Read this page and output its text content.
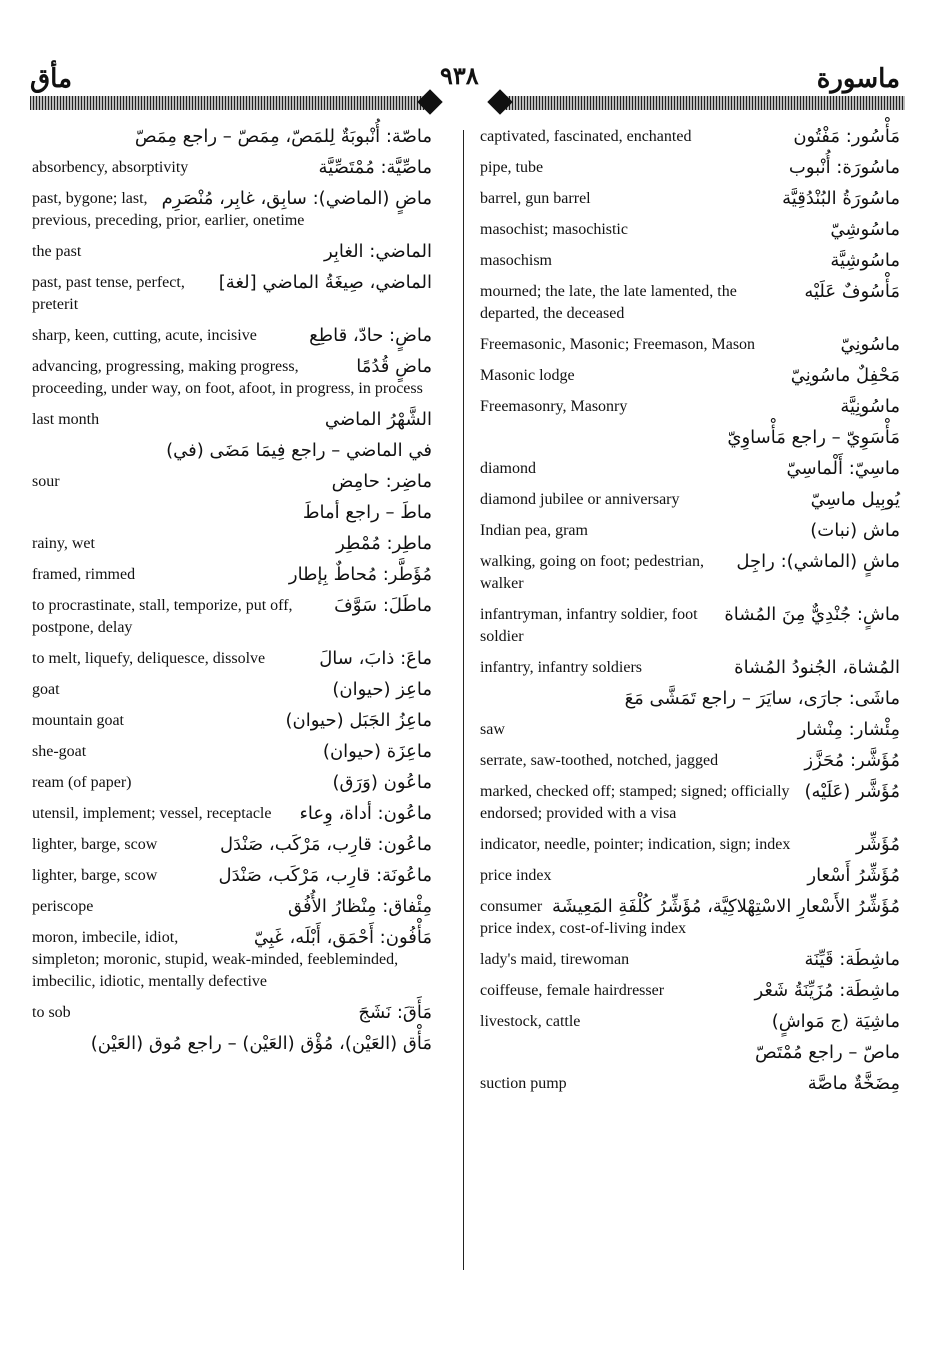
ماسورة
٩٣٨
مأق
ماصّة: أُنْبوبَةٌ لِلمَصّ، مِمَصّ – راجع مِمَصّ
ماصِّيَّة: مُمْتَصِّيَّة
absorbency, absorptivity
ماضٍ (الماضي): سابِق، غابِر، مُنْصَرِم
past, bygone; last, previous, preceding, prior, earlier, onetime
الماضي: الغابِر
the past
الماضي، صِيغَةُ الماضي [لغة]
past, past tense, perfect, preterit
ماضٍ: حادّ، قاطِع
sharp, keen, cutting, acute, incisive
ماضٍ قُدُمًا
advancing, progressing, making progress, proceeding, under way, on foot, afoot, in progress, in process
الشَّهْرُ الماضي
last month
في الماضي – راجع فِيمَا مَضَى (في)
ماضِر: حامِض
sour
ماطَ – راجع أماطَ
ماطِر: مُمْطِر
rainy, wet
مُؤَطَّر: مُحاطٌ بِإطار
framed, rimmed
ماطَلَ: سَوَّفَ
to procrastinate, stall, temporize, put off, postpone, delay
ماعَ: ذابَ، سالَ
to melt, liquefy, deliquesce, dissolve
ماعِز (حيوان)
goat
ماعِزُ الجَبَل (حيوان)
mountain goat
ماعِزَة (حيوان)
she-goat
ماعُون (وَرَق)
ream (of paper)
ماعُون: أداة، وِعاء
utensil, implement; vessel, receptacle
ماعُون: قارِب، مَرْكَب، صَنْدَل
lighter, barge, scow
ماعُونَة: قارِب، مَرْكَب، صَنْدَل
lighter, barge, scow
مِئْفاق: مِنْظارُ الأُفُق
periscope
مَأْفُون: أَحْمَق، أَبْلَه، غَبِيّ
moron, imbecile, idiot, simpleton; moronic, stupid, weak-minded, feebleminded, imbecilic, idiotic, mentally defective
مَأَقَ: نَشَجَ
to sob
مَأْق (العَيْن)، مُؤْق (العَيْن) – راجع مُوق (العَيْن)
مَأْسُور: مَفْتُون
captivated, fascinated, enchanted
ماسُورَة: أُنْبوب
pipe, tube
ماسُورَةُ البُنْدُقِيَّة
barrel, gun barrel
ماسُوشِيّ
masochist; masochistic
ماسُوشِيَّة
masochism
مَأْسُوفٌ عَلَيْه
mourned; the late, the late lamented, the departed, the deceased
ماسُونِيّ
Freemasonic, Masonic; Freemason, Mason
مَحْفِلٌ ماسُونِيّ
Masonic lodge
ماسُونِيَّة
Freemasonry, Masonry
مَأْسَوِيّ – راجع مَأْساوِيّ
ماسِيّ: أَلْماسِيّ
diamond
يُوبِيل ماسِيّ
diamond jubilee or anniversary
ماش (نبات)
Indian pea, gram
ماشٍ (الماشي): راجِل
walking, going on foot; pedestrian, walker
ماشٍ: جُنْدِيٌّ مِنَ المُشاة
infantryman, infantry soldier, foot soldier
المُشاة، الجُنودُ المُشاة
infantry, infantry soldiers
ماشَى: جارَى، سايَرَ – راجع تَمَشَّى مَعَ
مِئْشار: مِنْشار
saw
مُؤَشَّر: مُحَزَّز
serrate, saw-toothed, notched, jagged
مُؤَشَّر (عَلَيْه)
marked, checked off; stamped; signed; officially endorsed; provided with a visa
مُؤَشِّر
indicator, needle, pointer; indication, sign; index
مُؤَشِّرُ أَسْعار
price index
مُؤَشِّرُ الأَسْعارِ الاسْتِهْلاكِيَّة، مُؤَشِّرُ كُلْفَةِ المَعِيشَة
consumer price index, cost-of-living index
ماشِطَة: قَيِّنَة
lady's maid, tirewoman
ماشِطَة: مُزَيِّنَةُ شَعْر
coiffeuse, female hairdresser
ماشِيَة (ج مَواشٍ)
livestock, cattle
ماصّ – راجع مُمْتَصّ
مِضَخَّةٌ ماصَّة
suction pump
